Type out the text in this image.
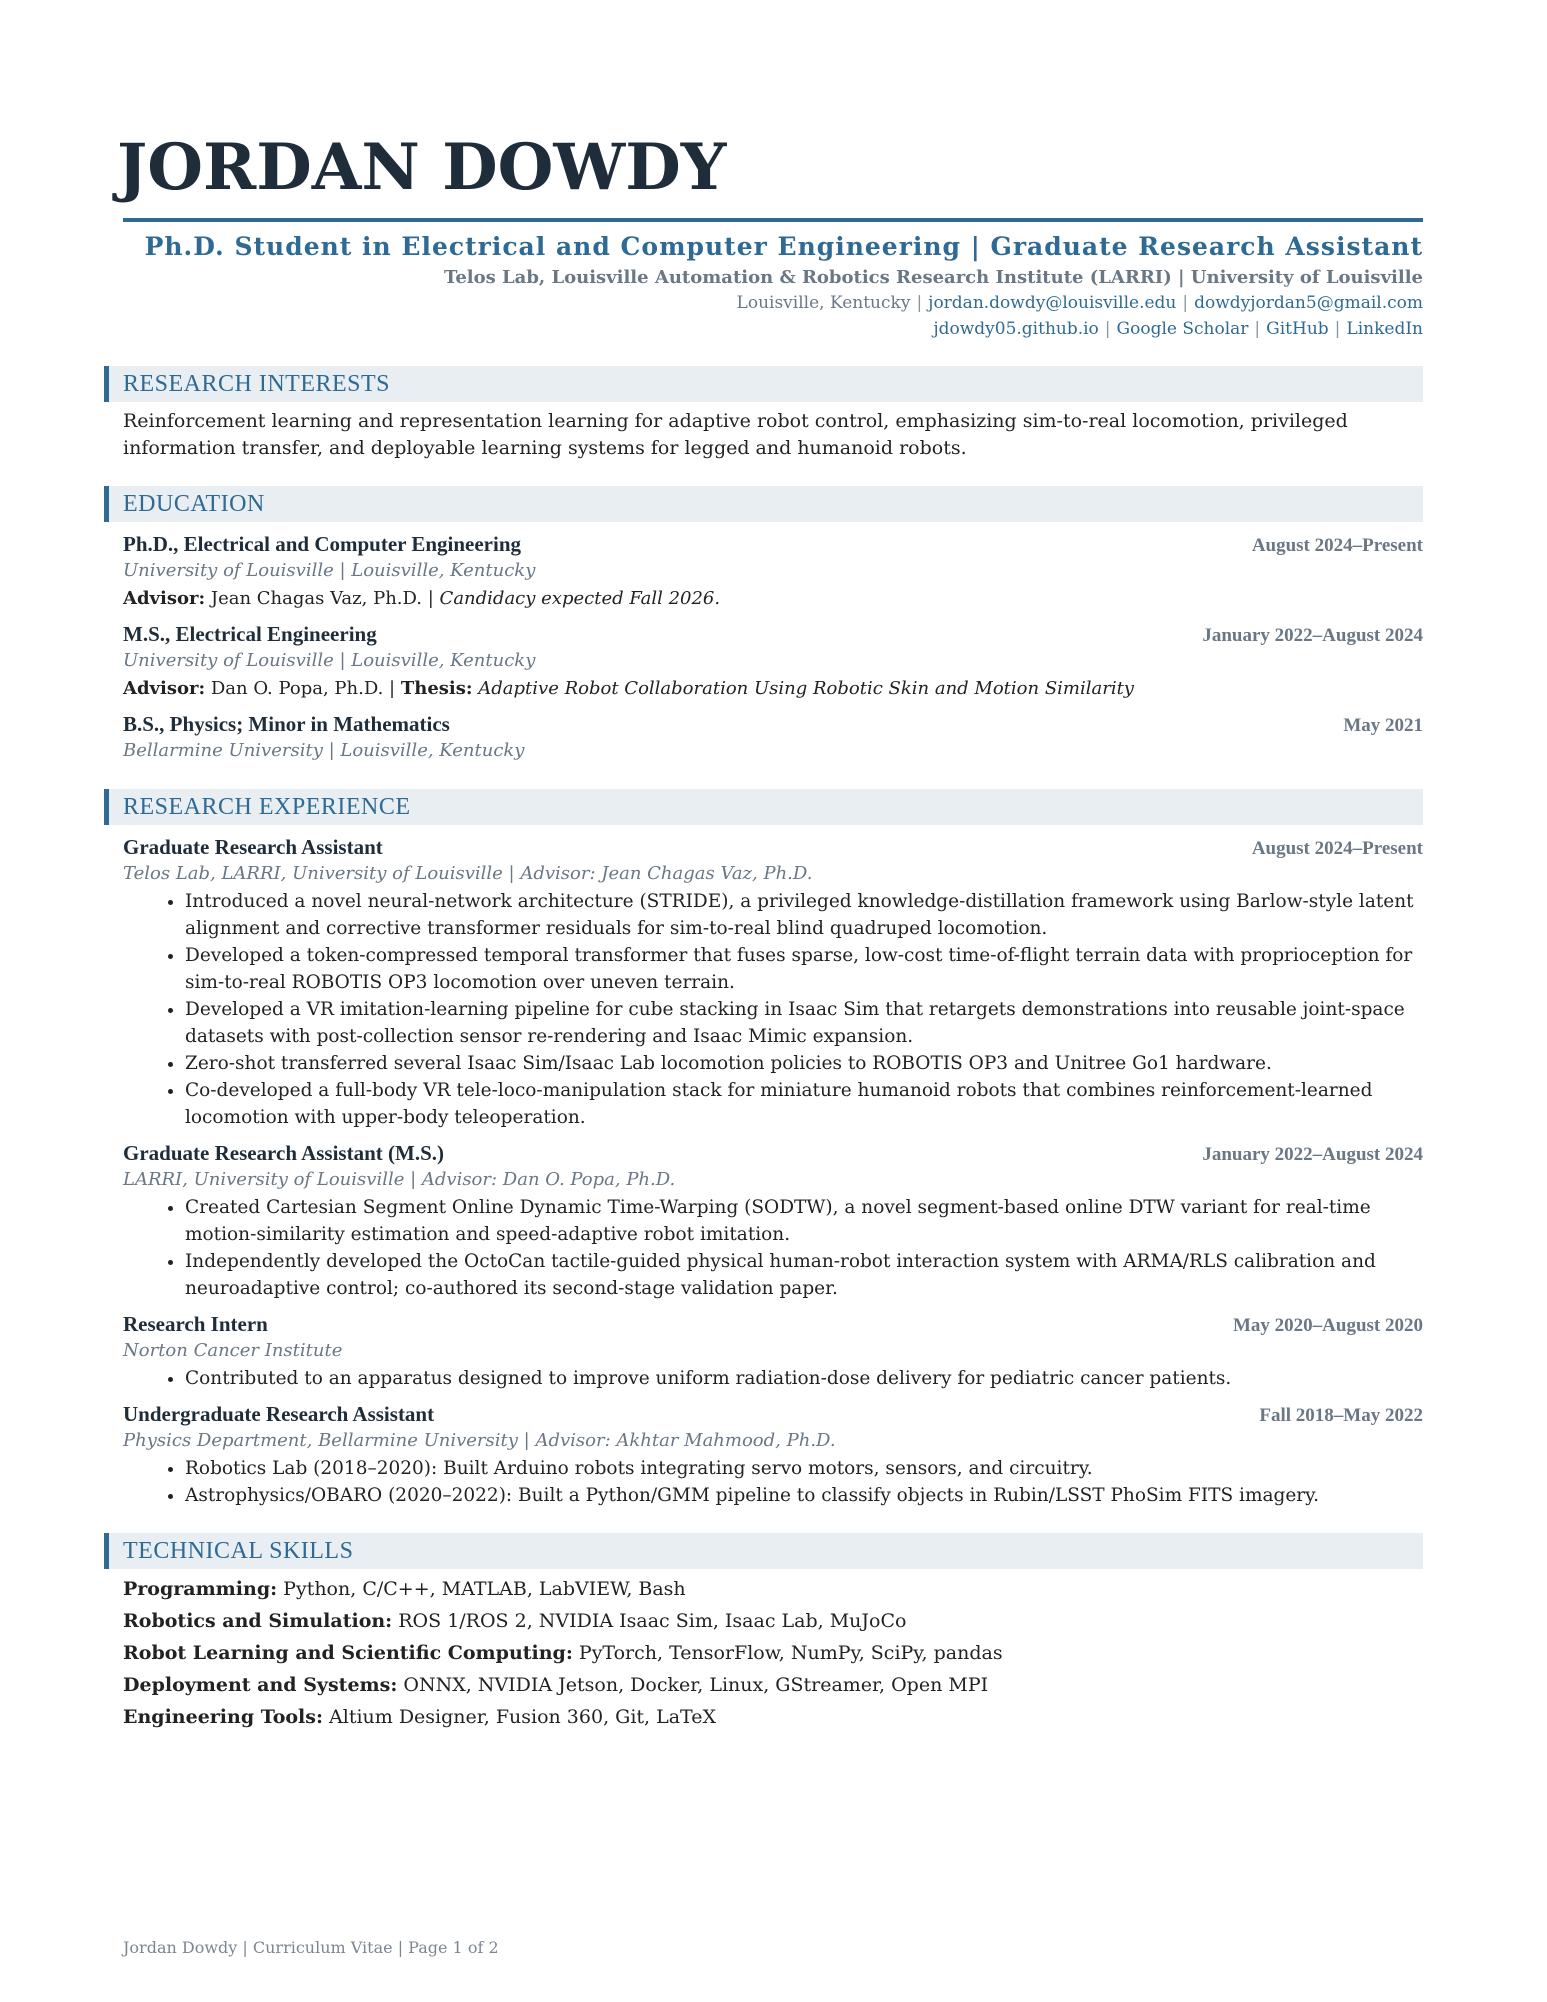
JORDAN DOWDY
Ph.D. Student in Electrical and Computer Engineering | Graduate Research Assistant
Telos Lab, Louisville Automation & Robotics Research Institute (LARRI) | University of Louisville
Louisville, Kentucky | jordan.dowdy@louisville.edu | dowdyjordan5@gmail.com
jdowdy05.github.io | Google Scholar | GitHub | LinkedIn
RESEARCH INTERESTS
Reinforcement learning and representation learning for adaptive robot control, emphasizing sim-to-real locomotion, privileged information transfer, and deployable learning systems for legged and humanoid robots.
EDUCATION
Ph.D., Electrical and Computer Engineering	August 2024–Present
University of Louisville | Louisville, Kentucky
Advisor: Jean Chagas Vaz, Ph.D. | Candidacy expected Fall 2026.
M.S., Electrical Engineering	January 2022–August 2024
University of Louisville | Louisville, Kentucky
Advisor: Dan O. Popa, Ph.D. | Thesis: Adaptive Robot Collaboration Using Robotic Skin and Motion Similarity
B.S., Physics; Minor in Mathematics	May 2021
Bellarmine University | Louisville, Kentucky
RESEARCH EXPERIENCE
Graduate Research Assistant	August 2024–Present
Telos Lab, LARRI, University of Louisville | Advisor: Jean Chagas Vaz, Ph.D.
• Introduced a novel neural-network architecture (STRIDE), a privileged knowledge-distillation framework using Barlow-style latent alignment and corrective transformer residuals for sim-to-real blind quadruped locomotion.
• Developed a token-compressed temporal transformer that fuses sparse, low-cost time-of-flight terrain data with proprioception for sim-to-real ROBOTIS OP3 locomotion over uneven terrain.
• Developed a VR imitation-learning pipeline for cube stacking in Isaac Sim that retargets demonstrations into reusable joint-space datasets with post-collection sensor re-rendering and Isaac Mimic expansion.
• Zero-shot transferred several Isaac Sim/Isaac Lab locomotion policies to ROBOTIS OP3 and Unitree Go1 hardware.
• Co-developed a full-body VR tele-loco-manipulation stack for miniature humanoid robots that combines reinforcement-learned locomotion with upper-body teleoperation.
Graduate Research Assistant (M.S.)	January 2022–August 2024
LARRI, University of Louisville | Advisor: Dan O. Popa, Ph.D.
• Created Cartesian Segment Online Dynamic Time-Warping (SODTW), a novel segment-based online DTW variant for real-time motion-similarity estimation and speed-adaptive robot imitation.
• Independently developed the OctoCan tactile-guided physical human-robot interaction system with ARMA/RLS calibration and neuroadaptive control; co-authored its second-stage validation paper.
Research Intern	May 2020–August 2020
Norton Cancer Institute
• Contributed to an apparatus designed to improve uniform radiation-dose delivery for pediatric cancer patients.
Undergraduate Research Assistant	Fall 2018–May 2022
Physics Department, Bellarmine University | Advisor: Akhtar Mahmood, Ph.D.
• Robotics Lab (2018–2020): Built Arduino robots integrating servo motors, sensors, and circuitry.
• Astrophysics/OBARO (2020–2022): Built a Python/GMM pipeline to classify objects in Rubin/LSST PhoSim FITS imagery.
TECHNICAL SKILLS
Programming: Python, C/C++, MATLAB, LabVIEW, Bash
Robotics and Simulation: ROS 1/ROS 2, NVIDIA Isaac Sim, Isaac Lab, MuJoCo
Robot Learning and Scientific Computing: PyTorch, TensorFlow, NumPy, SciPy, pandas
Deployment and Systems: ONNX, NVIDIA Jetson, Docker, Linux, GStreamer, Open MPI
Engineering Tools: Altium Designer, Fusion 360, Git, LaTeX
Jordan Dowdy | Curriculum Vitae | Page 1 of 2
